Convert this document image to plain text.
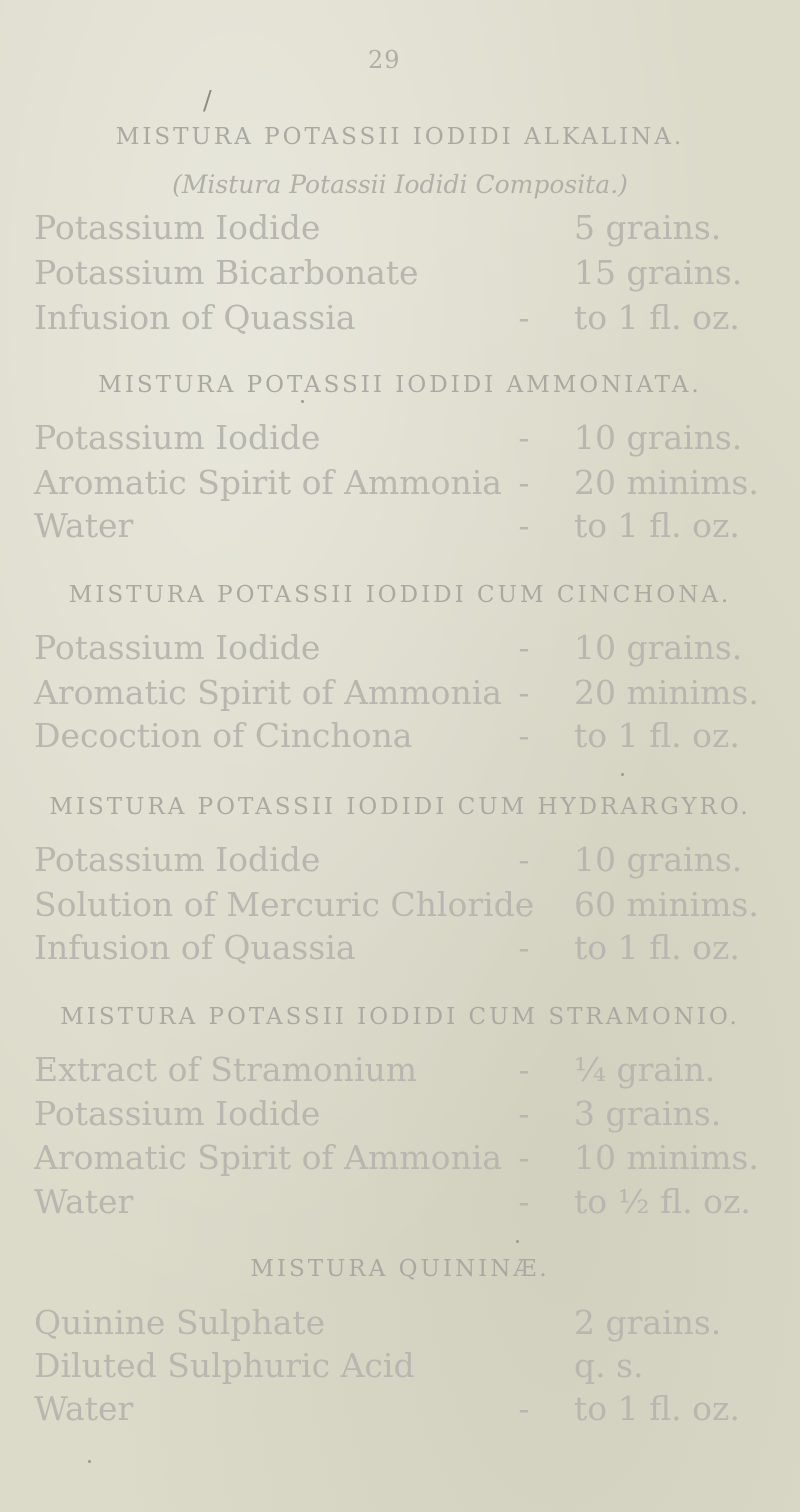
29
/
MISTURA POTASSII IODIDI ALKALINA.
(Mistura Potassii Iodidi Composita.)
Potassium Iodide	5 grains.
Potassium Bicarbonate	15 grains.
Infusion of Quassia	-	to 1 fl. oz.
MISTURA POTASSII IODIDI AMMONIATA.
Potassium Iodide	-	10 grains.
Aromatic Spirit of Ammonia -	20 minims.
Water	-	to 1 fl. oz.
MISTURA POTASSII IODIDI CUM CINCHONA.
Potassium Iodide	-	10 grains.
Aromatic Spirit of Ammonia -	20 minims.
Decoction of Cinchona	-	to 1 fl. oz.
MISTURA POTASSII IODIDI CUM HYDRARGYRO.
Potassium Iodide	-	10 grains.
Solution of Mercuric Chloride 60 minims.
Infusion of Quassia	-	to 1 fl. oz.
MISTURA POTASSII IODIDI CUM STRAMONIO.
Extract of Stramonium	-	¼ grain.
Potassium Iodide	-	3 grains.
Aromatic Spirit of Ammonia -	10 minims.
Water	-	to ½ fl. oz.
MISTURA QUININÆ.
Quinine Sulphate	2 grains.
Diluted Sulphuric Acid	q. s.
Water	-	to 1 fl. oz.
